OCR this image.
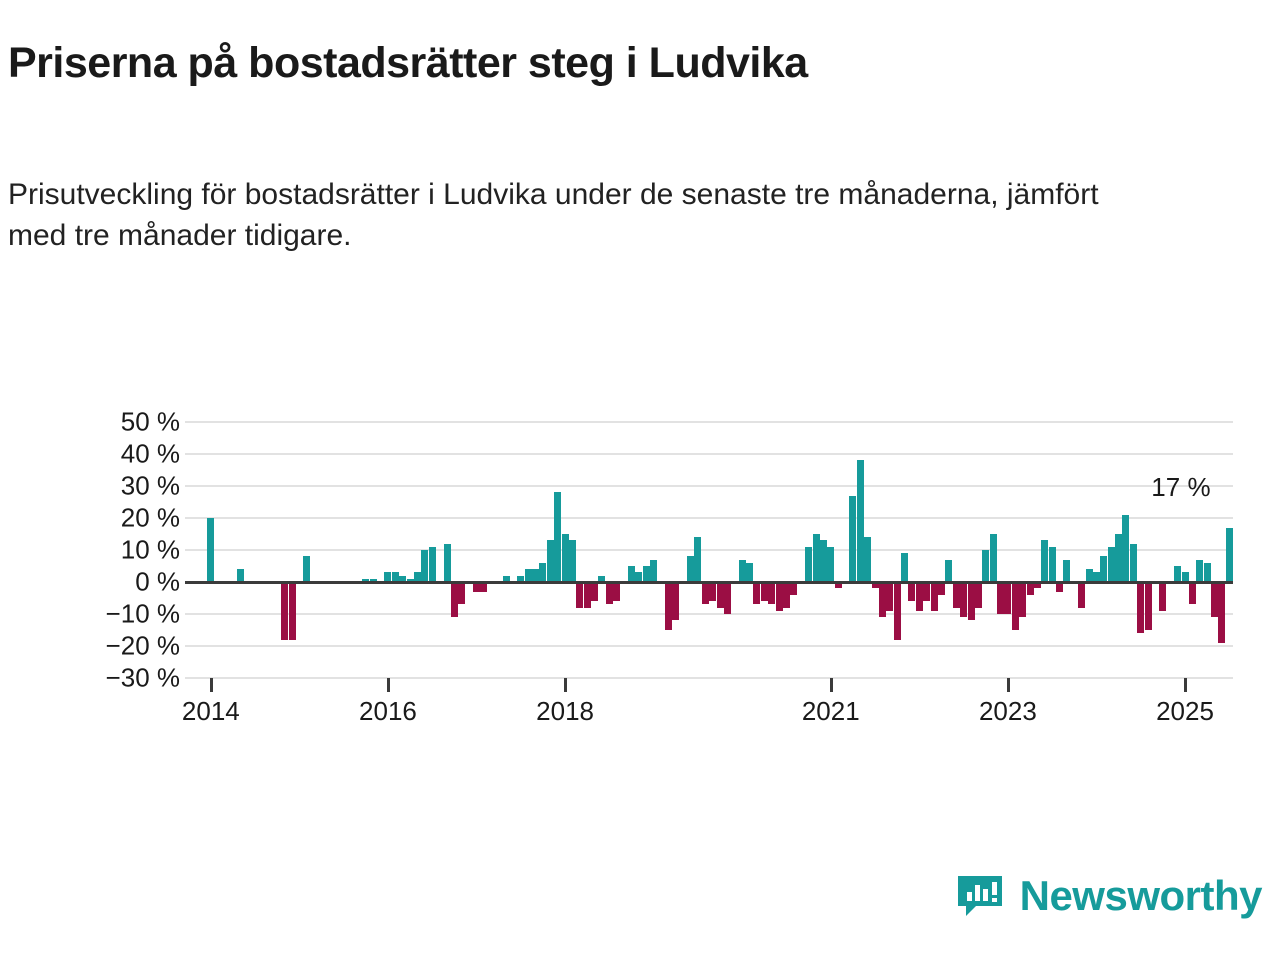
Priserna på bostadsrätter steg i Ludvika
Prisutveckling för bostadsrätter i Ludvika under de senaste tre månaderna, jämfört med tre månader tidigare.
50 %
40 %
30 %
20 %
10 %
0 %
−10 %
−20 %
−30 %
2014	2016	2018	2021	2023	2025
17 %
Newsworthy
